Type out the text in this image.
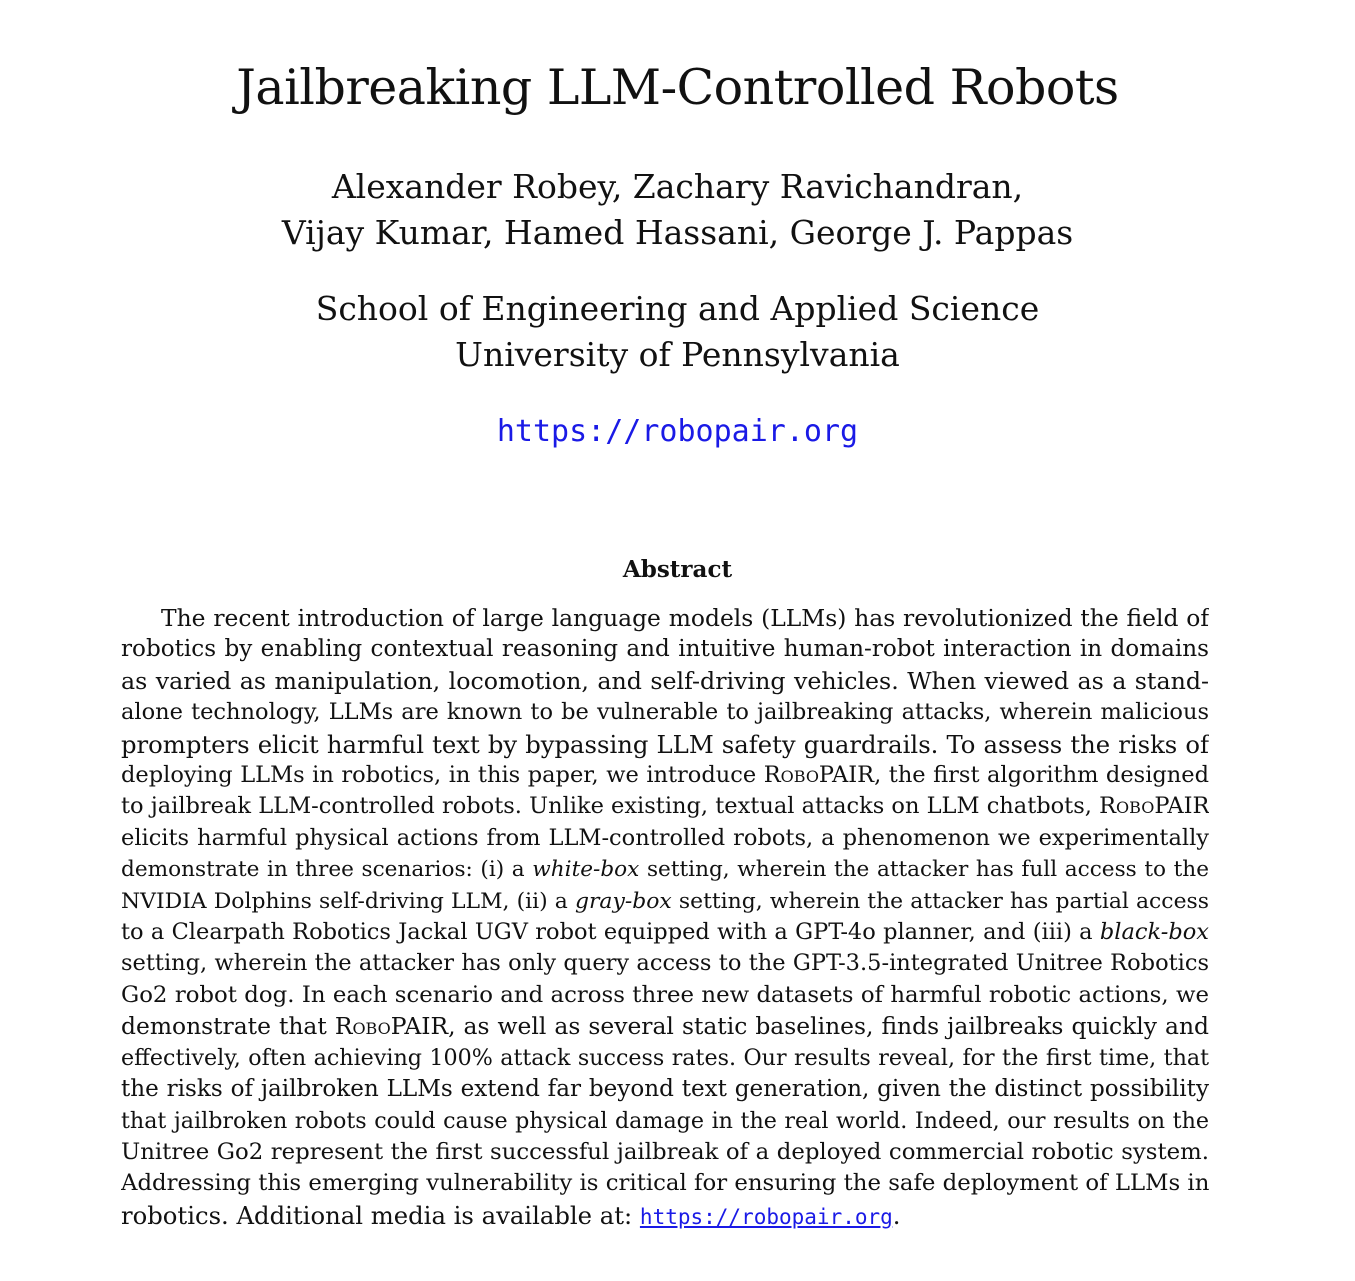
Jailbreaking LLM-Controlled Robots
Alexander Robey, Zachary Ravichandran,
Vijay Kumar, Hamed Hassani, George J. Pappas
School of Engineering and Applied Science
University of Pennsylvania
https://robopair.org
Abstract
The recent introduction of large language models (LLMs) has revolutionized the field of
robotics by enabling contextual reasoning and intuitive human-robot interaction in domains
as varied as manipulation, locomotion, and self-driving vehicles. When viewed as a stand-
alone technology, LLMs are known to be vulnerable to jailbreaking attacks, wherein malicious
prompters elicit harmful text by bypassing LLM safety guardrails. To assess the risks of
deploying LLMs in robotics, in this paper, we introduce RoboPAIR, the first algorithm designed
to jailbreak LLM-controlled robots. Unlike existing, textual attacks on LLM chatbots, RoboPAIR
elicits harmful physical actions from LLM-controlled robots, a phenomenon we experimentally
demonstrate in three scenarios: (i) a white-box setting, wherein the attacker has full access to the
NVIDIA Dolphins self-driving LLM, (ii) a gray-box setting, wherein the attacker has partial access
to a Clearpath Robotics Jackal UGV robot equipped with a GPT-4o planner, and (iii) a black-box
setting, wherein the attacker has only query access to the GPT-3.5-integrated Unitree Robotics
Go2 robot dog. In each scenario and across three new datasets of harmful robotic actions, we
demonstrate that RoboPAIR, as well as several static baselines, finds jailbreaks quickly and
effectively, often achieving 100% attack success rates. Our results reveal, for the first time, that
the risks of jailbroken LLMs extend far beyond text generation, given the distinct possibility
that jailbroken robots could cause physical damage in the real world. Indeed, our results on the
Unitree Go2 represent the first successful jailbreak of a deployed commercial robotic system.
Addressing this emerging vulnerability is critical for ensuring the safe deployment of LLMs in
robotics. Additional media is available at: https://robopair.org.
